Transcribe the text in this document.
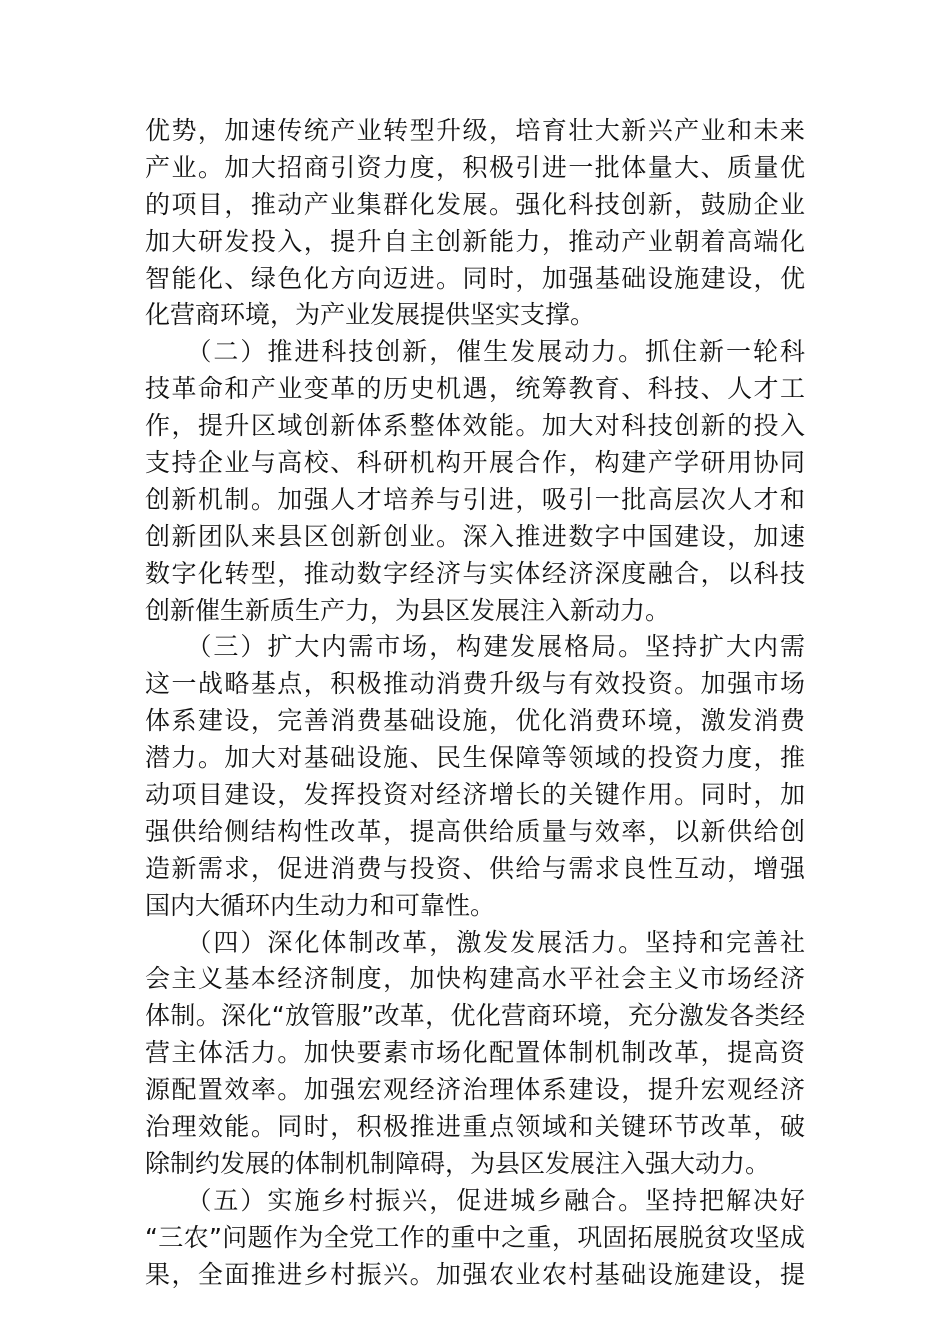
优势，加速传统产业转型升级，培育壮大新兴产业和未来
产业。加大招商引资力度，积极引进一批体量大、质量优
的项目，推动产业集群化发展。强化科技创新，鼓励企业
加大研发投入，提升自主创新能力，推动产业朝着高端化
智能化、绿色化方向迈进。同时，加强基础设施建设，优
化营商环境，为产业发展提供坚实支撑。
　　（二）推进科技创新，催生发展动力。抓住新一轮科
技革命和产业变革的历史机遇，统筹教育、科技、人才工
作，提升区域创新体系整体效能。加大对科技创新的投入
支持企业与高校、科研机构开展合作，构建产学研用协同
创新机制。加强人才培养与引进，吸引一批高层次人才和
创新团队来县区创新创业。深入推进数字中国建设，加速
数字化转型，推动数字经济与实体经济深度融合，以科技
创新催生新质生产力，为县区发展注入新动力。
　　（三）扩大内需市场，构建发展格局。坚持扩大内需
这一战略基点，积极推动消费升级与有效投资。加强市场
体系建设，完善消费基础设施，优化消费环境，激发消费
潜力。加大对基础设施、民生保障等领域的投资力度，推
动项目建设，发挥投资对经济增长的关键作用。同时，加
强供给侧结构性改革，提高供给质量与效率，以新供给创
造新需求，促进消费与投资、供给与需求良性互动，增强
国内大循环内生动力和可靠性。
　　（四）深化体制改革，激发发展活力。坚持和完善社
会主义基本经济制度，加快构建高水平社会主义市场经济
体制。深化“放管服”改革，优化营商环境，充分激发各类经
营主体活力。加快要素市场化配置体制机制改革，提高资
源配置效率。加强宏观经济治理体系建设，提升宏观经济
治理效能。同时，积极推进重点领域和关键环节改革，破
除制约发展的体制机制障碍，为县区发展注入强大动力。
　　（五）实施乡村振兴，促进城乡融合。坚持把解决好
“三农”问题作为全党工作的重中之重，巩固拓展脱贫攻坚成
果，全面推进乡村振兴。加强农业农村基础设施建设，提
